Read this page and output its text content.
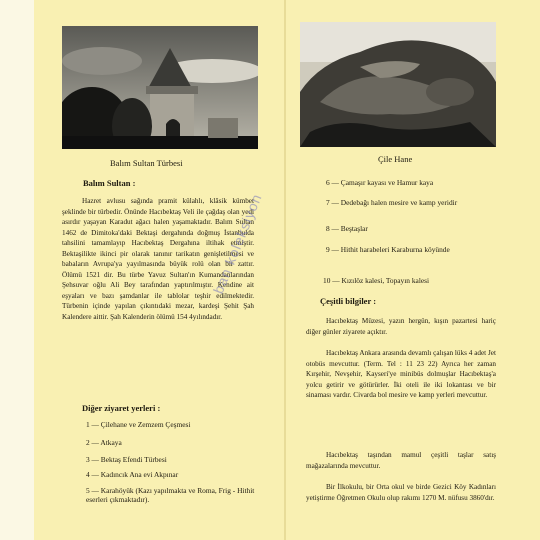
Balım Sultan Türbesi	Çile Hane
Balım Sultan :

Hazret avlusu sağında pramit külahlı, klâsik kümbet şeklinde bir türbedir. Önünde Hacıbektaş Veli ile çağdaş olan yedi asırdır yaşayan Karadut ağacı halen yaşamaktadır. Balım Sultan 1462 de Dimitoka'daki Bektaşi dergahında doğmuş İstanbulda tahsilini tamamlayıp Hacıbektaş Dergahına iltihak etmiştir. Bektaşilikte ikinci pir olarak tanınır tarikatın genişletilmesi ve babaların Avrupa'ya yayılmasında büyük rolü olan bir zattır. Ölümü 1521 dir. Bu türbe Yavuz Sultan'ın Kumandanlarından Şehsuvar oğlu Ali Bey tarafından yaptırılmıştır. Kendine ait eşyaları ve bazı şamdanlar ile tablolar teşhir edilmektedir. Türbenin içinde yapılan çıkıntıdaki mezar, kardeşi Şehit Şah Kalendere aittir. Şah Kalenderin ölümü 154 4yılındadır.

Diğer ziyaret yerleri :
1 — Çilehane ve Zemzem Çeşmesi
2 — Atkaya
3 — Bektaş Efendi Türbesi
4 — Kadıncık Ana evi Akpınar
5 — Karahöyük (Kazı yapılmakta ve Roma, Frig - Hithit eserleri çıkmaktadır).
6 — Çamaşır kayası ve Hamur kaya
7 — Dedebağı halen mesire ve kamp yeridir
8 — Beştaşlar
9 — Hithit harabeleri Karaburna köyünde
10 — Kızılöz kalesi, Topayın kalesi
Çeşitli bilgiler :

Hacıbektaş Müzesi, yazın hergün, kışın pazartesi hariç diğer günler ziyarete açıktır.

Hacıbektaş Ankara arasında devamlı çalışan lüks 4 adet Jet otobüs mevcuttur. (Term. Tel : 11 23 22) Ayrıca her zaman Kırşehir, Nevşehir, Kayseri'ye minibüs dolmuşlar Hacıbektaş'a yolcu getirir ve götürürler. İki oteli ile iki lokantası ve bir sinaması vardır. Civarda bol mesire ve kamp yerleri mevcuttur.

Hacıbektaş taşından mamul çeşitli taşlar satış mağazalarında mevcuttur.

Bir İlkokulu, bir Orta okul ve birde Gezici Köy Kadınları yetiştirme Öğretmen Okulu olup rakımı 1270 M. nüfusu 3860'dır.

ban koleksiyon
